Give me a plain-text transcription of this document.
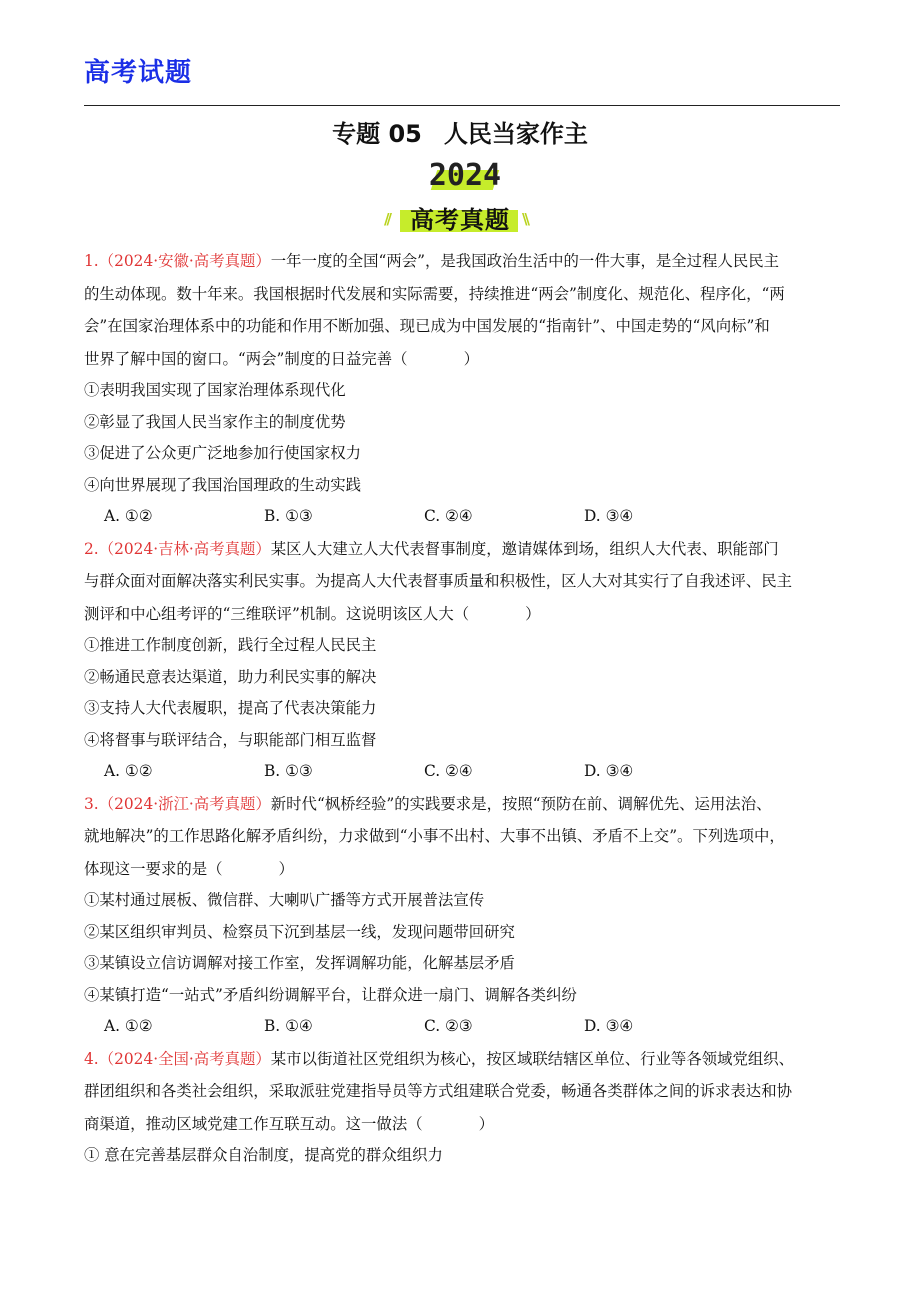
高考试题
专题 05 人民当家作主
2024
//	\\
高考真题

1.（2024·安徽·高考真题）一年一度的全国“两会”，是我国政治生活中的一件大事，是全过程人民民主

的生动体现。数十年来。我国根据时代发展和实际需要，持续推进“两会”制度化、规范化、程序化，“两

会”在国家治理体系中的功能和作用不断加强、现已成为中国发展的“指南针”、中国走势的“风向标”和

世界了解中国的窗口。“两会”制度的日益完善（	）

①表明我国实现了国家治理体系现代化

②彰显了我国人民当家作主的制度优势

③促进了公众更广泛地参加行使国家权力

④向世界展现了我国治国理政的生动实践

A. ①②	B. ①③	C. ②④	D. ③④

2.（2024·吉林·高考真题）某区人大建立人大代表督事制度，邀请媒体到场，组织人大代表、职能部门

与群众面对面解决落实利民实事。为提高人大代表督事质量和积极性，区人大对其实行了自我述评、民主

测评和中心组考评的“三维联评”机制。这说明该区人大（	）

①推进工作制度创新，践行全过程人民民主

②畅通民意表达渠道，助力利民实事的解决

③支持人大代表履职，提高了代表决策能力

④将督事与联评结合，与职能部门相互监督

A. ①②	B. ①③	C. ②④	D. ③④

3.（2024·浙江·高考真题）新时代“枫桥经验”的实践要求是，按照“预防在前、调解优先、运用法治、

就地解决”的工作思路化解矛盾纠纷，力求做到“小事不出村、大事不出镇、矛盾不上交”。下列选项中，

体现这一要求的是（	）

①某村通过展板、微信群、大喇叭广播等方式开展普法宣传

②某区组织审判员、检察员下沉到基层一线，发现问题带回研究

③某镇设立信访调解对接工作室，发挥调解功能，化解基层矛盾

④某镇打造“一站式”矛盾纠纷调解平台，让群众进一扇门、调解各类纠纷

A. ①②	B. ①④	C. ②③	D. ③④

4.（2024·全国·高考真题）某市以街道社区党组织为核心，按区域联结辖区单位、行业等各领域党组织、

群团组织和各类社会组织，采取派驻党建指导员等方式组建联合党委，畅通各类群体之间的诉求表达和协

商渠道，推动区域党建工作互联互动。这一做法（	）

① 意在完善基层群众自治制度，提高党的群众组织力
